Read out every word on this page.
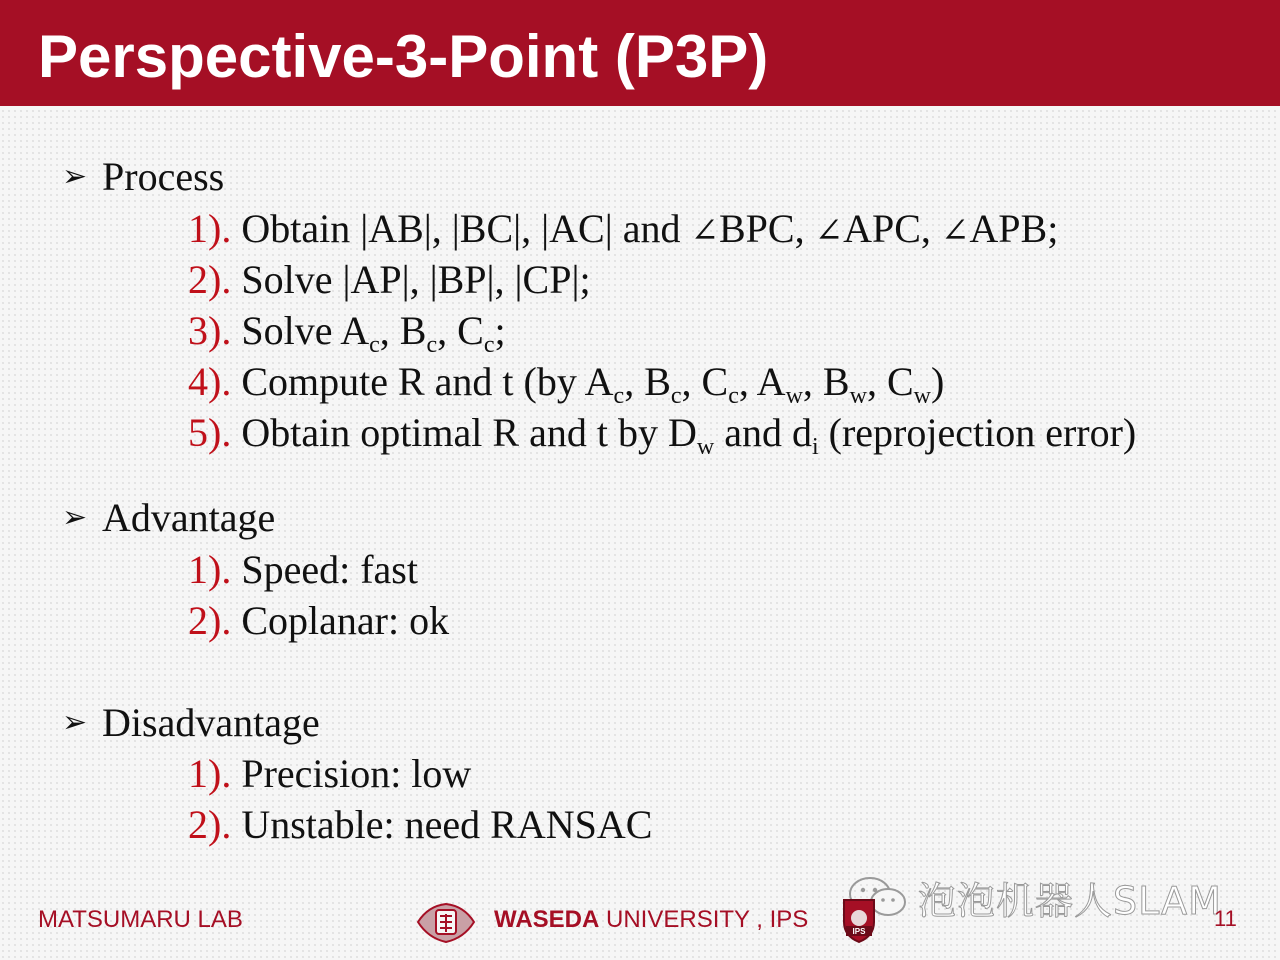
Perspective-3-Point (P3P)
➢ Process
1). Obtain |AB|, |BC|, |AC| and ∠BPC, ∠APC, ∠APB;
2). Solve |AP|, |BP|, |CP|;
3). Solve $A_c$, $B_c$, $C_c$;
4). Compute R and t (by $A_c$, $B_c$, $C_c$, $A_w$, $B_w$, $C_w$)
5). Obtain optimal R and t by $D_w$ and $d_i$ (reprojection error)
➢ Advantage
1). Speed: fast
2). Coplanar: ok
➢ Disadvantage
1). Precision: low
2). Unstable: need RANSAC
泡泡机器人SLAM
MATSUMARU LAB	WASEDA UNIVERSITY , IPS	IPS
11
